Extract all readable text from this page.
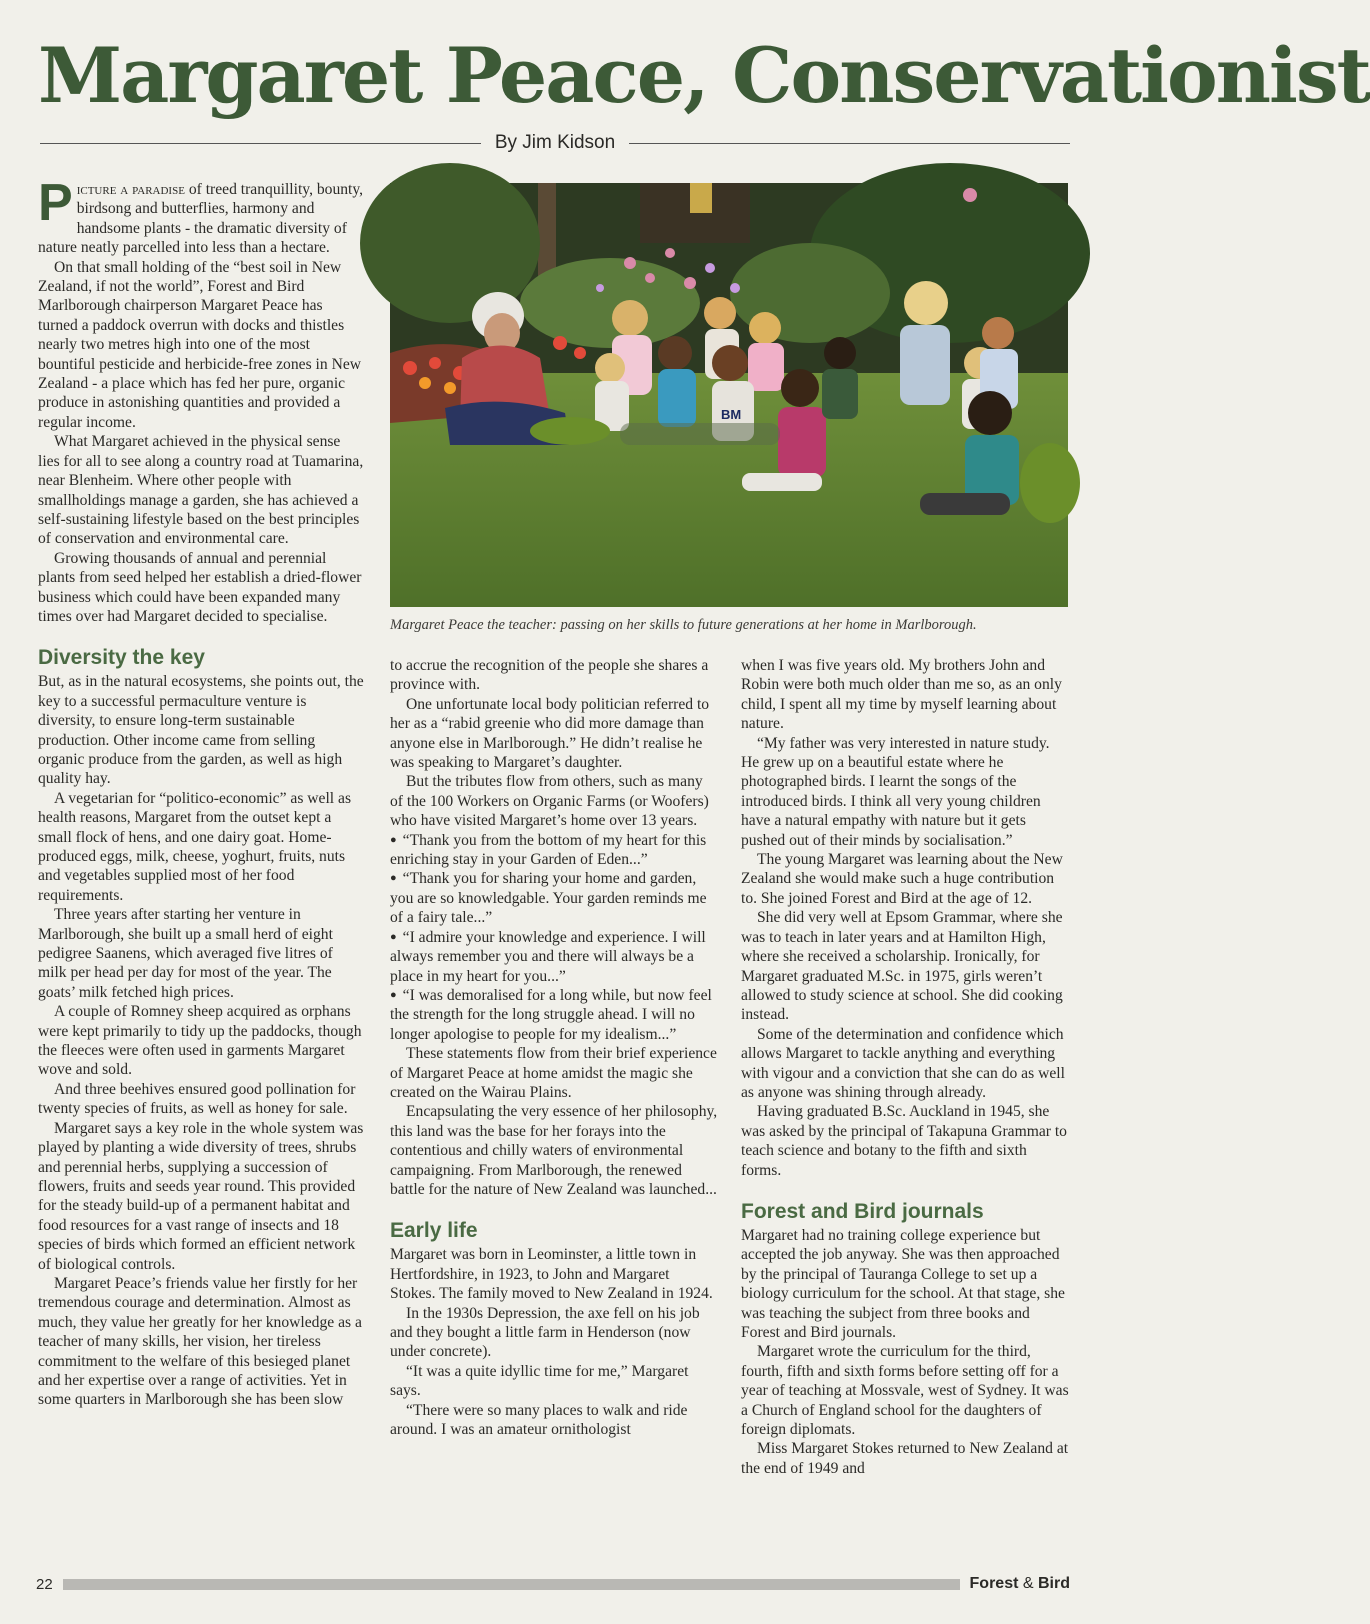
Margaret Peace, Conservationist
By Jim Kidson
BM
Margaret Peace the teacher: passing on her skills to future generations at her home in Marlborough.

Picture a paradise of treed tranquillity, bounty, birdsong and butterflies, harmony and handsome plants - the dramatic diversity of nature neatly parcelled into less than a hectare.

On that small holding of the “best soil in New Zealand, if not the world”, Forest and Bird Marlborough chairperson Margaret Peace has turned a paddock overrun with docks and thistles nearly two metres high into one of the most bountiful pesticide and herbicide-free zones in New Zealand - a place which has fed her pure, organic produce in astonishing quantities and provided a regular income.

What Margaret achieved in the physical sense lies for all to see along a country road at Tuamarina, near Blenheim. Where other people with smallholdings manage a garden, she has achieved a self-sustaining lifestyle based on the best principles of conservation and environmental care.

Growing thousands of annual and perennial plants from seed helped her establish a dried-flower business which could have been expanded many times over had Margaret decided to specialise.

Diversity the key

But, as in the natural ecosystems, she points out, the key to a successful permaculture venture is diversity, to ensure long-term sustainable production. Other income came from selling organic produce from the garden, as well as high quality hay.

A vegetarian for “politico-economic” as well as health reasons, Margaret from the outset kept a small flock of hens, and one dairy goat. Home-produced eggs, milk, cheese, yoghurt, fruits, nuts and vegetables supplied most of her food requirements.

Three years after starting her venture in Marlborough, she built up a small herd of eight pedigree Saanens, which averaged five litres of milk per head per day for most of the year. The goats’ milk fetched high prices.

A couple of Romney sheep acquired as orphans were kept primarily to tidy up the paddocks, though the fleeces were often used in garments Margaret wove and sold.

And three beehives ensured good pollination for twenty species of fruits, as well as honey for sale.

Margaret says a key role in the whole system was played by planting a wide diversity of trees, shrubs and perennial herbs, supplying a succession of flowers, fruits and seeds year round. This provided for the steady build-up of a permanent habitat and food resources for a vast range of insects and 18 species of birds which formed an efficient network of biological controls.

Margaret Peace’s friends value her firstly for her tremendous courage and determination. Almost as much, they value her greatly for her knowledge as a teacher of many skills, her vision, her tireless commitment to the welfare of this besieged planet and her expertise over a range of activities. Yet in some quarters in Marlborough she has been slow

to accrue the recognition of the people she shares a province with.

One unfortunate local body politician referred to her as a “rabid greenie who did more damage than anyone else in Marlborough.” He didn’t realise he was speaking to Margaret’s daughter.

But the tributes flow from others, such as many of the 100 Workers on Organic Farms (or Woofers) who have visited Margaret’s home over 13 years.

● “Thank you from the bottom of my heart for this enriching stay in your Garden of Eden...”

● “Thank you for sharing your home and garden, you are so knowledgable. Your garden reminds me of a fairy tale...”

● “I admire your knowledge and experience. I will always remember you and there will always be a place in my heart for you...”

● “I was demoralised for a long while, but now feel the strength for the long struggle ahead. I will no longer apologise to people for my idealism...”

These statements flow from their brief experience of Margaret Peace at home amidst the magic she created on the Wairau Plains.

Encapsulating the very essence of her philosophy, this land was the base for her forays into the contentious and chilly waters of environmental campaigning. From Marlborough, the renewed battle for the nature of New Zealand was launched...

Early life

Margaret was born in Leominster, a little town in Hertfordshire, in 1923, to John and Margaret Stokes. The family moved to New Zealand in 1924.

In the 1930s Depression, the axe fell on his job and they bought a little farm in Henderson (now under concrete).

“It was a quite idyllic time for me,” Margaret says.

“There were so many places to walk and ride around. I was an amateur ornithologist

when I was five years old. My brothers John and Robin were both much older than me so, as an only child, I spent all my time by myself learning about nature.

“My father was very interested in nature study. He grew up on a beautiful estate where he photographed birds. I learnt the songs of the introduced birds. I think all very young children have a natural empathy with nature but it gets pushed out of their minds by socialisation.”

The young Margaret was learning about the New Zealand she would make such a huge contribution to. She joined Forest and Bird at the age of 12.

She did very well at Epsom Grammar, where she was to teach in later years and at Hamilton High, where she received a scholarship. Ironically, for Margaret graduated M.Sc. in 1975, girls weren’t allowed to study science at school. She did cooking instead.

Some of the determination and confidence which allows Margaret to tackle anything and everything with vigour and a conviction that she can do as well as anyone was shining through already.

Having graduated B.Sc. Auckland in 1945, she was asked by the principal of Takapuna Grammar to teach science and botany to the fifth and sixth forms.

Forest and Bird journals

Margaret had no training college experience but accepted the job anyway. She was then approached by the principal of Tauranga College to set up a biology curriculum for the school. At that stage, she was teaching the subject from three books and Forest and Bird journals.

Margaret wrote the curriculum for the third, fourth, fifth and sixth forms before setting off for a year of teaching at Mossvale, west of Sydney. It was a Church of England school for the daughters of foreign diplomats.

Miss Margaret Stokes returned to New Zealand at the end of 1949 and

22	Forest & Bird
